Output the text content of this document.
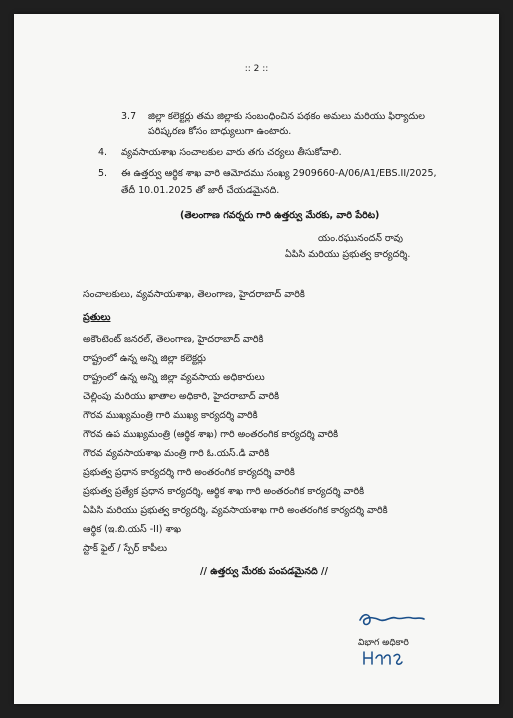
:: 2 ::
3.7 జిల్లా కలెక్టర్లు తమ జిల్లాకు సంబంధించిన పథకం అమలు మరియు ఫిర్యాదుల
పరిష్కరణ కోసం బాధ్యులుగా ఉంటారు.
4. వ్యవసాయశాఖ సంచాలకుల వారు తగు చర్యలు తీసుకోవాలి.
5. ఈ ఉత్తర్వు ఆర్థిక శాఖ వారి ఆమోదము సంఖ్య 2909660-A/06/A1/EBS.II/2025,
తేదీ 10.01.2025 తో జారీ చేయడమైనది.
(తెలంగాణ గవర్నరు గారి ఉత్తర్వు మేరకు, వారి పేరిట)
యం.రఘునందన్ రావు
ఏపిసి మరియు ప్రభుత్వ కార్యదర్శి.
సంచాలకులు, వ్యవసాయశాఖ, తెలంగాణ, హైదరాబాద్ వారికి
ప్రతులు
అకౌంటెంట్ జనరల్, తెలంగాణ, హైదరాబాద్ వారికి
రాష్ట్రంలో ఉన్న అన్ని జిల్లా కలెక్టర్లు
రాష్ట్రంలో ఉన్న అన్ని జిల్లా వ్యవసాయ అధికారులు
చెల్లింపు మరియు ఖాతాల అధికారి, హైదరాబాద్ వారికి
గౌరవ ముఖ్యమంత్రి గారి ముఖ్య కార్యదర్శి వారికి
గౌరవ ఉప ముఖ్యమంత్రి (ఆర్థిక శాఖ) గారి అంతరంగిక కార్యదర్శి వారికి
గౌరవ వ్యవసాయశాఖ మంత్రి గారి ఓ.యస్.డి వారికి
ప్రభుత్వ ప్రధాన కార్యదర్శి గారి అంతరంగిక కార్యదర్శి వారికి
ప్రభుత్వ ప్రత్యేక ప్రధాన కార్యదర్శి, ఆర్థిక శాఖ గారి అంతరంగిక కార్యదర్శి వారికి
ఏపిసి మరియు ప్రభుత్వ కార్యదర్శి, వ్యవసాయశాఖ గారి అంతరంగిక కార్యదర్శి వారికి
ఆర్థిక (ఇ.బి.యస్ -II) శాఖ
స్టాక్ ఫైల్ / స్పేర్ కాపీలు
// ఉత్తర్వు మేరకు పంపడమైనది //
విభాగ అధికారి
